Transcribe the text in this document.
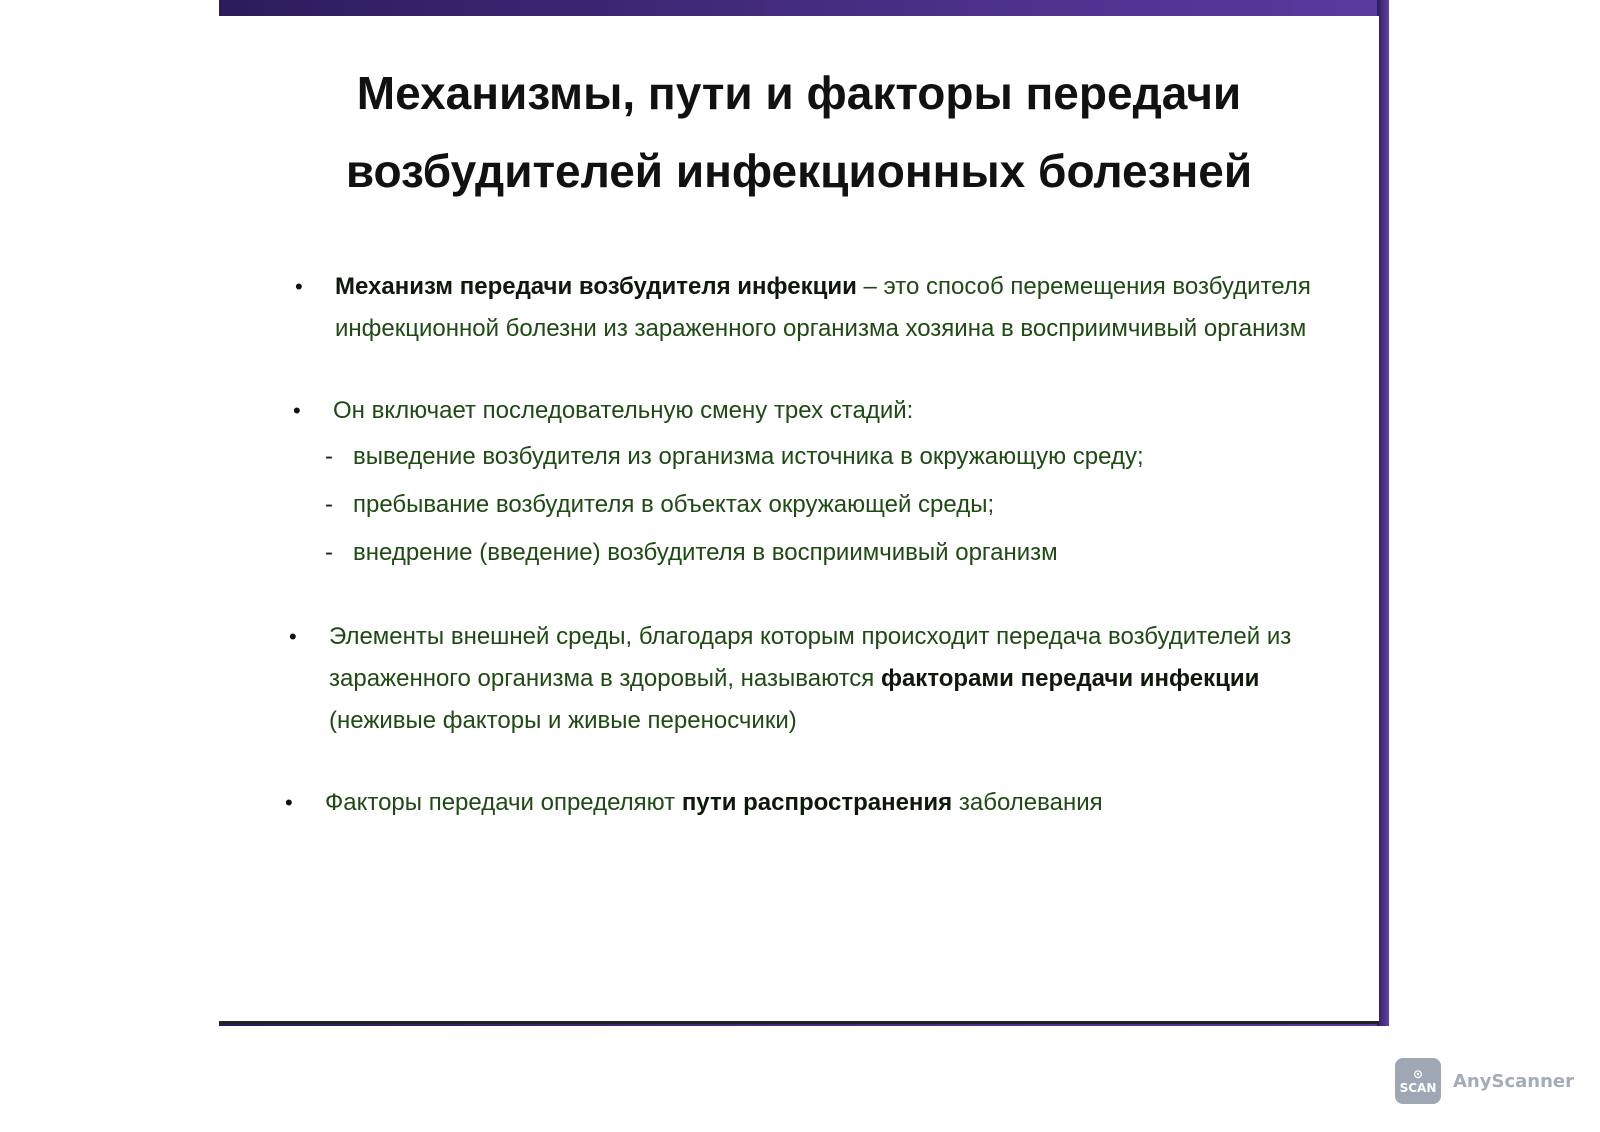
Механизмы, пути и факторы передачи
возбудителей инфекционных болезней
• Механизм передачи возбудителя инфекции – это способ перемещения возбудителя инфекционной болезни из зараженного организма хозяина в восприимчивый организм
• Он включает последовательную смену трех стадий:
- выведение возбудителя из организма источника в окружающую среду;
- пребывание возбудителя в объектах окружающей среды;
- внедрение (введение) возбудителя в восприимчивый организм
• Элементы внешней среды, благодаря которым происходит передача возбудителей из зараженного организма в здоровый, называются факторами передачи инфекции (неживые факторы и живые переносчики)
• Факторы передачи определяют пути распространения заболевания
⊙
SCAN AnyScanner
